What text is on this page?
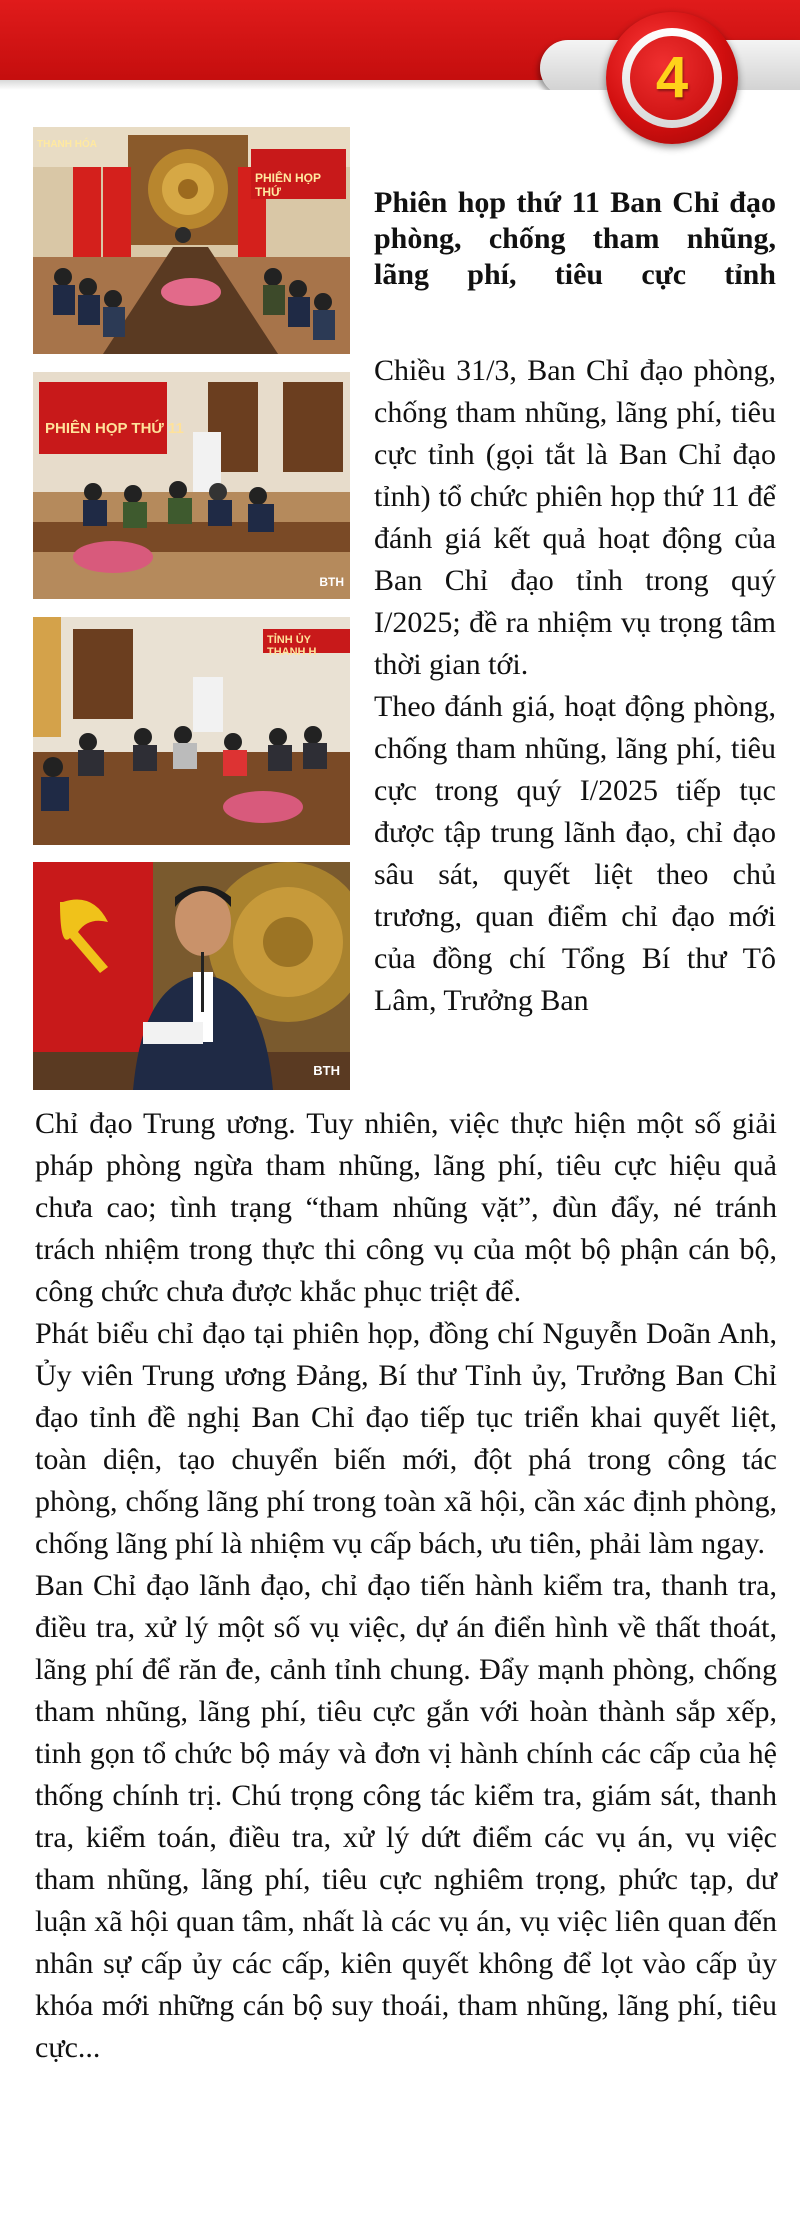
4
THANH HÓA
PHIÊN HỌP THỨ
PHIÊN HỌP THỨ 11
BTH
TỈNH ỦY THANH H
BTH
Phiên họp thứ 11 Ban Chỉ đạo phòng, chống tham nhũng, lãng phí, tiêu cực tỉnh

Chiều 31/3, Ban Chỉ đạo phòng, chống tham nhũng, lãng phí, tiêu cực tỉnh (gọi tắt là Ban Chỉ đạo tỉnh) tổ chức phiên họp thứ 11 để đánh giá kết quả hoạt động của Ban Chỉ đạo tỉnh trong quý I/2025; đề ra nhiệm vụ trọng tâm thời gian tới.

Theo đánh giá, hoạt động phòng, chống tham nhũng, lãng phí, tiêu cực trong quý I/2025 tiếp tục được tập trung lãnh đạo, chỉ đạo sâu sát, quyết liệt theo chủ trương, quan điểm chỉ đạo mới của đồng chí Tổng Bí thư Tô Lâm, Trưởng Ban

Chỉ đạo Trung ương. Tuy nhiên, việc thực hiện một số giải pháp phòng ngừa tham nhũng, lãng phí, tiêu cực hiệu quả chưa cao; tình trạng “tham nhũng vặt”, đùn đẩy, né tránh trách nhiệm trong thực thi công vụ của một bộ phận cán bộ, công chức chưa được khắc phục triệt để.

Phát biểu chỉ đạo tại phiên họp, đồng chí Nguyễn Doãn Anh, Ủy viên Trung ương Đảng, Bí thư Tỉnh ủy, Trưởng Ban Chỉ đạo tỉnh đề nghị Ban Chỉ đạo tiếp tục triển khai quyết liệt, toàn diện, tạo chuyển biến mới, đột phá trong công tác phòng, chống lãng phí trong toàn xã hội, cần xác định phòng, chống lãng phí là nhiệm vụ cấp bách, ưu tiên, phải làm ngay.

Ban Chỉ đạo lãnh đạo, chỉ đạo tiến hành kiểm tra, thanh tra, điều tra, xử lý một số vụ việc, dự án điển hình về thất thoát, lãng phí để răn đe, cảnh tỉnh chung. Đẩy mạnh phòng, chống tham nhũng, lãng phí, tiêu cực gắn với hoàn thành sắp xếp, tinh gọn tổ chức bộ máy và đơn vị hành chính các cấp của hệ thống chính trị. Chú trọng công tác kiểm tra, giám sát, thanh tra, kiểm toán, điều tra, xử lý dứt điểm các vụ án, vụ việc tham nhũng, lãng phí, tiêu cực nghiêm trọng, phức tạp, dư luận xã hội quan tâm, nhất là các vụ án, vụ việc liên quan đến nhân sự cấp ủy các cấp, kiên quyết không để lọt vào cấp ủy khóa mới những cán bộ suy thoái, tham nhũng, lãng phí, tiêu cực...
